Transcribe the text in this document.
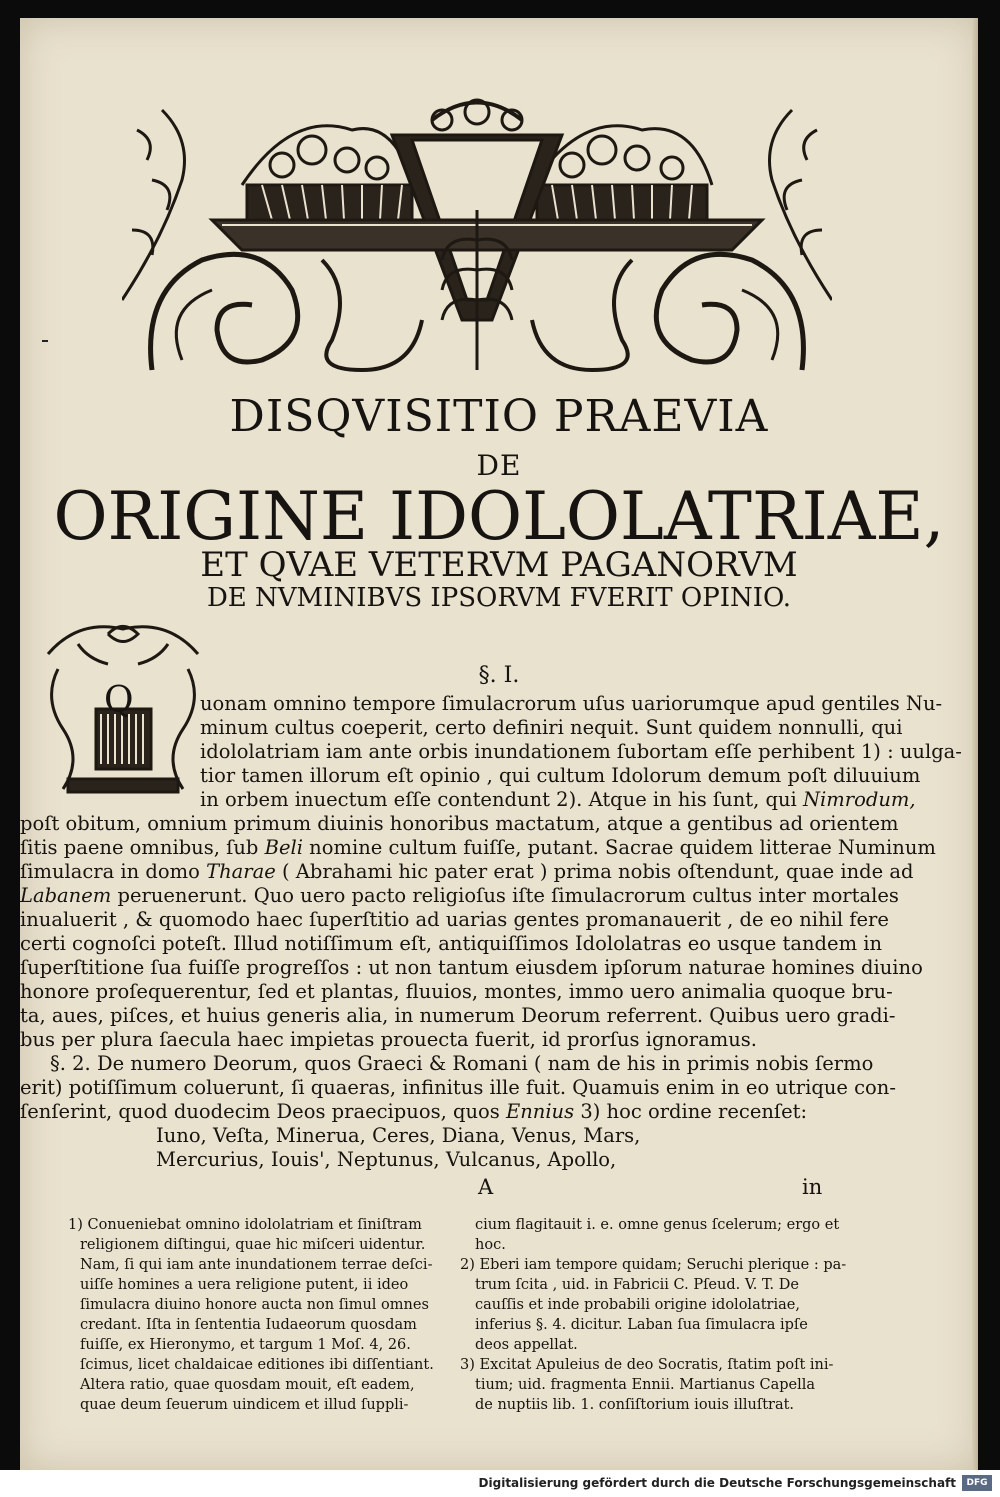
DISQVISITIO PRAEVIA
DE
ORIGINE IDOLOLATRIAE,
ET QVAE VETERVM PAGANORVM
DE NVMINIBVS IPSORVM FVERIT OPINIO.
§. I.
Q	uonam omnino tempore ſimulacrorum uſus uariorumque apud gentiles Nu-
minum cultus coeperit, certo definiri nequit. Sunt quidem nonnulli, qui
idololatriam iam ante orbis inundationem ſubortam eſſe perhibent 1) : uulga-
tior tamen illorum eſt opinio , qui cultum Idolorum demum poſt diluuium
in orbem inuectum eſſe contendunt 2). Atque in his ſunt, qui Nimrodum,
poſt obitum, omnium primum diuinis honoribus mactatum, atque a gentibus ad orientem
ſitis paene omnibus, ſub Beli nomine cultum fuiſſe, putant. Sacrae quidem litterae Numinum
ſimulacra in domo Tharae ( Abrahami hic pater erat ) prima nobis oſtendunt, quae inde ad
Labanem peruenerunt. Quo uero pacto religioſus iſte ſimulacrorum cultus inter mortales
inualuerit , & quomodo haec ſuperſtitio ad uarias gentes promanauerit , de eo nihil fere
certi cognoſci poteſt. Illud notiſſimum eſt, antiquiſſimos Idololatras eo usque tandem in
ſuperſtitione ſua fuiſſe progreſſos : ut non tantum eiusdem ipſorum naturae homines diuino
honore proſequerentur, ſed et plantas, fluuios, montes, immo uero animalia quoque bru-
ta, aues, piſces, et huius generis alia, in numerum Deorum referrent. Quibus uero gradi-
bus per plura ſaecula haec impietas prouecta fuerit, id prorſus ignoramus.
§. 2. De numero Deorum, quos Graeci & Romani ( nam de his in primis nobis ſermo
erit) potiſſimum coluerunt, ſi quaeras, infinitus ille fuit. Quamuis enim in eo utrique con-
ſenſerint, quod duodecim Deos praecipuos, quos Ennius 3) hoc ordine recenſet:
Iuno, Veſta, Minerua, Ceres, Diana, Venus, Mars,
Mercurius, Iouis', Neptunus, Vulcanus, Apollo,
A	in
1) Conueniebat omnino idololatriam et ſiniſtram
religionem diſtingui, quae hic miſceri uidentur.
Nam, ſi qui iam ante inundationem terrae deſci-
uiſſe homines a uera religione putent, ii ideo
ſimulacra diuino honore aucta non ſimul omnes
credant. Iſta in ſententia Iudaeorum quosdam
fuiſſe, ex Hieronymo, et targum 1 Moſ. 4, 26.
ſcimus, licet chaldaicae editiones ibi diſſentiant.
Altera ratio, quae quosdam mouit, eſt eadem,
quae deum ſeuerum uindicem et illud ſuppli-
cium flagitauit i. e. omne genus ſcelerum; ergo et
hoc.
2) Eberi iam tempore quidam; Seruchi plerique : pa-
trum ſcita , uid. in Fabricii C. Pſeud. V. T. De
cauſſis et inde probabili origine idololatriae,
inferius §. 4. dicitur. Laban ſua ſimulacra ipſe
deos appellat.
3) Excitat Apuleius de deo Socratis, ſtatim poſt ini-
tium; uid. fragmenta Ennii. Martianus Capella
de nuptiis lib. 1. conſiſtorium iouis illuſtrat.
Digitalisierung gefördert durch die Deutsche Forschungsgemeinschaft	DFG
